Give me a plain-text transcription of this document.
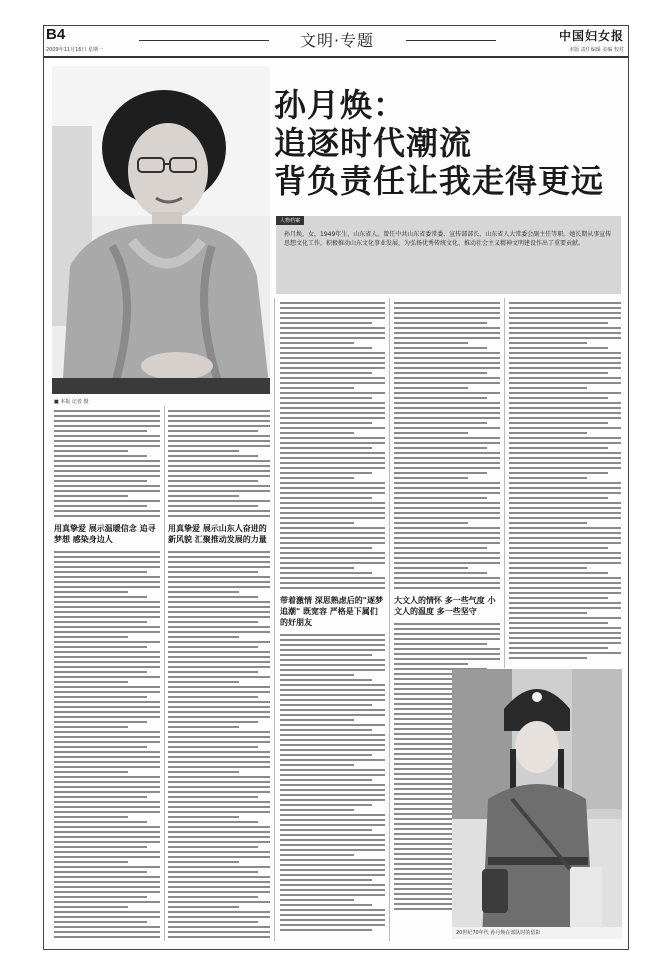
B4
2009年11月16日 星期一	文明·专题	中国妇女报
本版 责任编辑 美编 校对
■ 本报 记者 摄
孙月焕：
追逐时代潮流
背负责任让我走得更远
人物档案
孙月焕，女，1949年生，山东省人。曾任中共山东省委常委、宣传部部长，山东省人大常委会副主任等职。她长期从事宣传思想文化工作，积极推动山东文化事业发展，为弘扬优秀传统文化、推动社会主义精神文明建设作出了重要贡献。
用真挚爱 展示温暖信念 追寻梦想 感染身边人
用真挚爱 展示山东人奋进的 新风貌 汇聚推动发展的力量
带着激情 深思熟虑后的"逐梦追潮" 既宽容 严格是下属们的好朋友
大文人的情怀 多一些气度 小文人的温度 多一些坚守
20世纪70年代 孙月焕在部队时的留影
